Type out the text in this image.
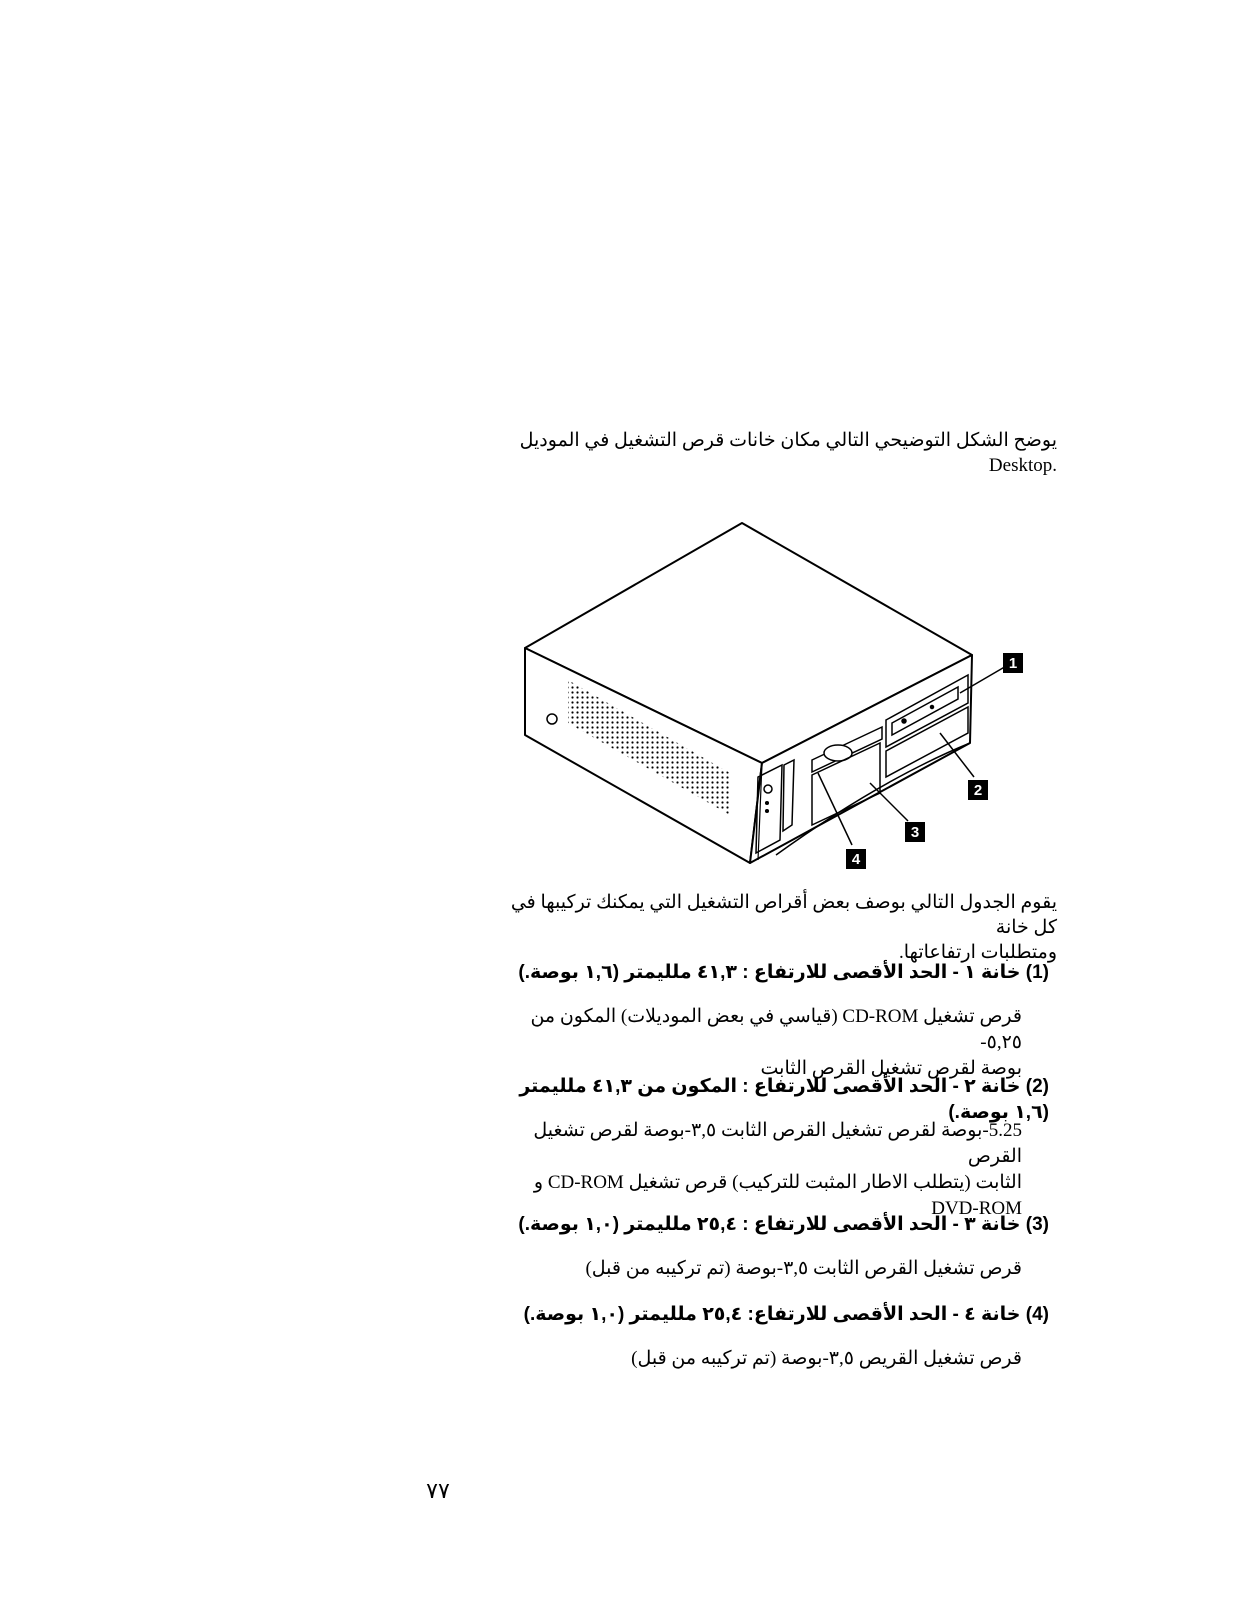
يوضح الشكل التوضيحي التالي مكان خانات قرص التشغيل في الموديل
.Desktop
1
2
3
4
يقوم الجدول التالي بوصف بعض أقراص التشغيل التي يمكنك تركيبها في كل خانة
ومتطلبات ارتفاعاتها.
(1) خانة ١ - الحد الأقصى للارتفاع : ٤١,٣ ملليمتر (١,٦ بوصة.)
قرص تشغيل CD-ROM (قياسي في بعض الموديلات) المكون من ٥,٢٥-
بوصة لقرص تشغيل القرص الثابت
(2) خانة ٢ - الحد الأقصى للارتفاع : المكون من ٤١,٣ ملليمتر (١,٦ بوصة.)
5.25-بوصة لقرص تشغيل القرص الثابت ٣,٥-بوصة لقرص تشغيل القرص
الثابت (يتطلب الاطار المثبت للتركيب) قرص تشغيل CD-ROM و
DVD-ROM
(3) خانة ٣ - الحد الأقصى للارتفاع : ٢٥,٤ ملليمتر (١,٠ بوصة.)
قرص تشغيل القرص الثابت ٣,٥-بوصة (تم تركيبه من قبل)
(4) خانة ٤ - الحد الأقصى للارتفاع: ٢٥,٤ ملليمتر (١,٠ بوصة.)
قرص تشغيل القريص ٣,٥-بوصة (تم تركيبه من قبل)
٧٧
